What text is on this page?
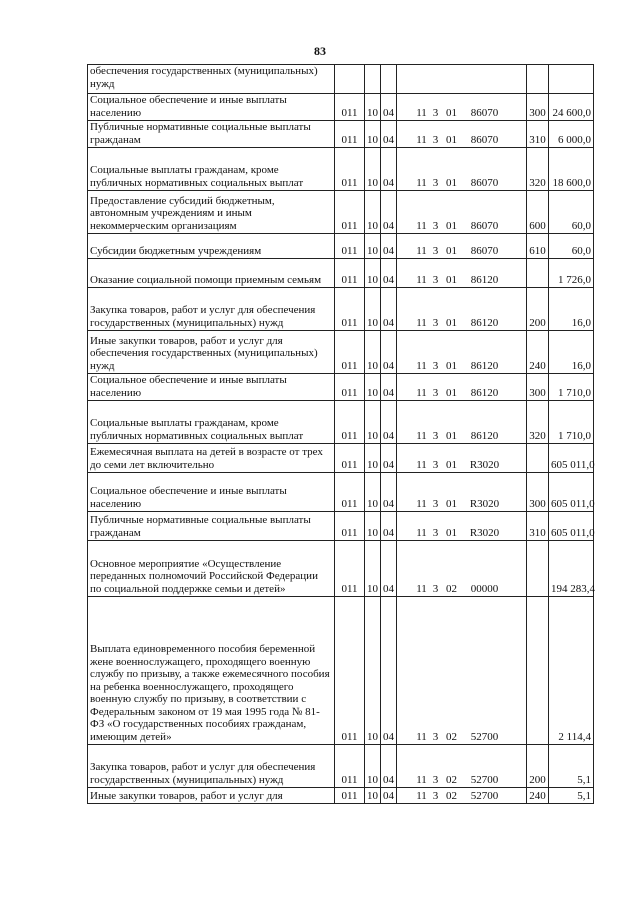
83
обеспечения государственных (муниципальных) нужд						
Социальное обеспечение и иные выплаты населению	011	10	04	11 3 01 86070	300	24 600,0
Публичные нормативные социальные выплаты гражданам	011	10	04	11 3 01 86070	310	6 000,0
Социальные выплаты гражданам, кроме публичных нормативных социальных выплат	011	10	04	11 3 01 86070	320	18 600,0
Предоставление субсидий бюджетным, автономным учреждениям и иным некоммерческим организациям	011	10	04	11 3 01 86070	600	60,0
Субсидии бюджетным учреждениям	011	10	04	11 3 01 86070	610	60,0
Оказание социальной помощи приемным семьям	011	10	04	11 3 01 86120		1 726,0
Закупка товаров, работ и услуг для обеспечения государственных (муниципальных) нужд	011	10	04	11 3 01 86120	200	16,0
Иные закупки товаров, работ и услуг для обеспечения государственных (муниципальных) нужд	011	10	04	11 3 01 86120	240	16,0
Социальное обеспечение и иные выплаты населению	011	10	04	11 3 01 86120	300	1 710,0
Социальные выплаты гражданам, кроме публичных нормативных социальных выплат	011	10	04	11 3 01 86120	320	1 710,0
Ежемесячная выплата на детей в возрасте от трех до семи лет включительно	011	10	04	11 3 01 R3020		605 011,0
Социальное обеспечение и иные выплаты населению	011	10	04	11 3 01 R3020	300	605 011,0
Публичные нормативные социальные выплаты гражданам	011	10	04	11 3 01 R3020	310	605 011,0
Основное мероприятие «Осуществление переданных полномочий Российской Федерации по социальной поддержке семьи и детей»	011	10	04	11 3 02 00000		194 283,4
Выплата единовременного пособия беременной жене военнослужащего, проходящего военную службу по призыву, а также ежемесячного пособия на ребенка военнослужащего, проходящего военную службу по призыву, в соответствии с Федеральным законом от 19 мая 1995 года № 81-ФЗ «О государственных пособиях гражданам, имеющим детей»	011	10	04	11 3 02 52700		2 114,4
Закупка товаров, работ и услуг для обеспечения государственных (муниципальных) нужд	011	10	04	11 3 02 52700	200	5,1
Иные закупки товаров, работ и услуг для	011	10	04	11 3 02 52700	240	5,1
